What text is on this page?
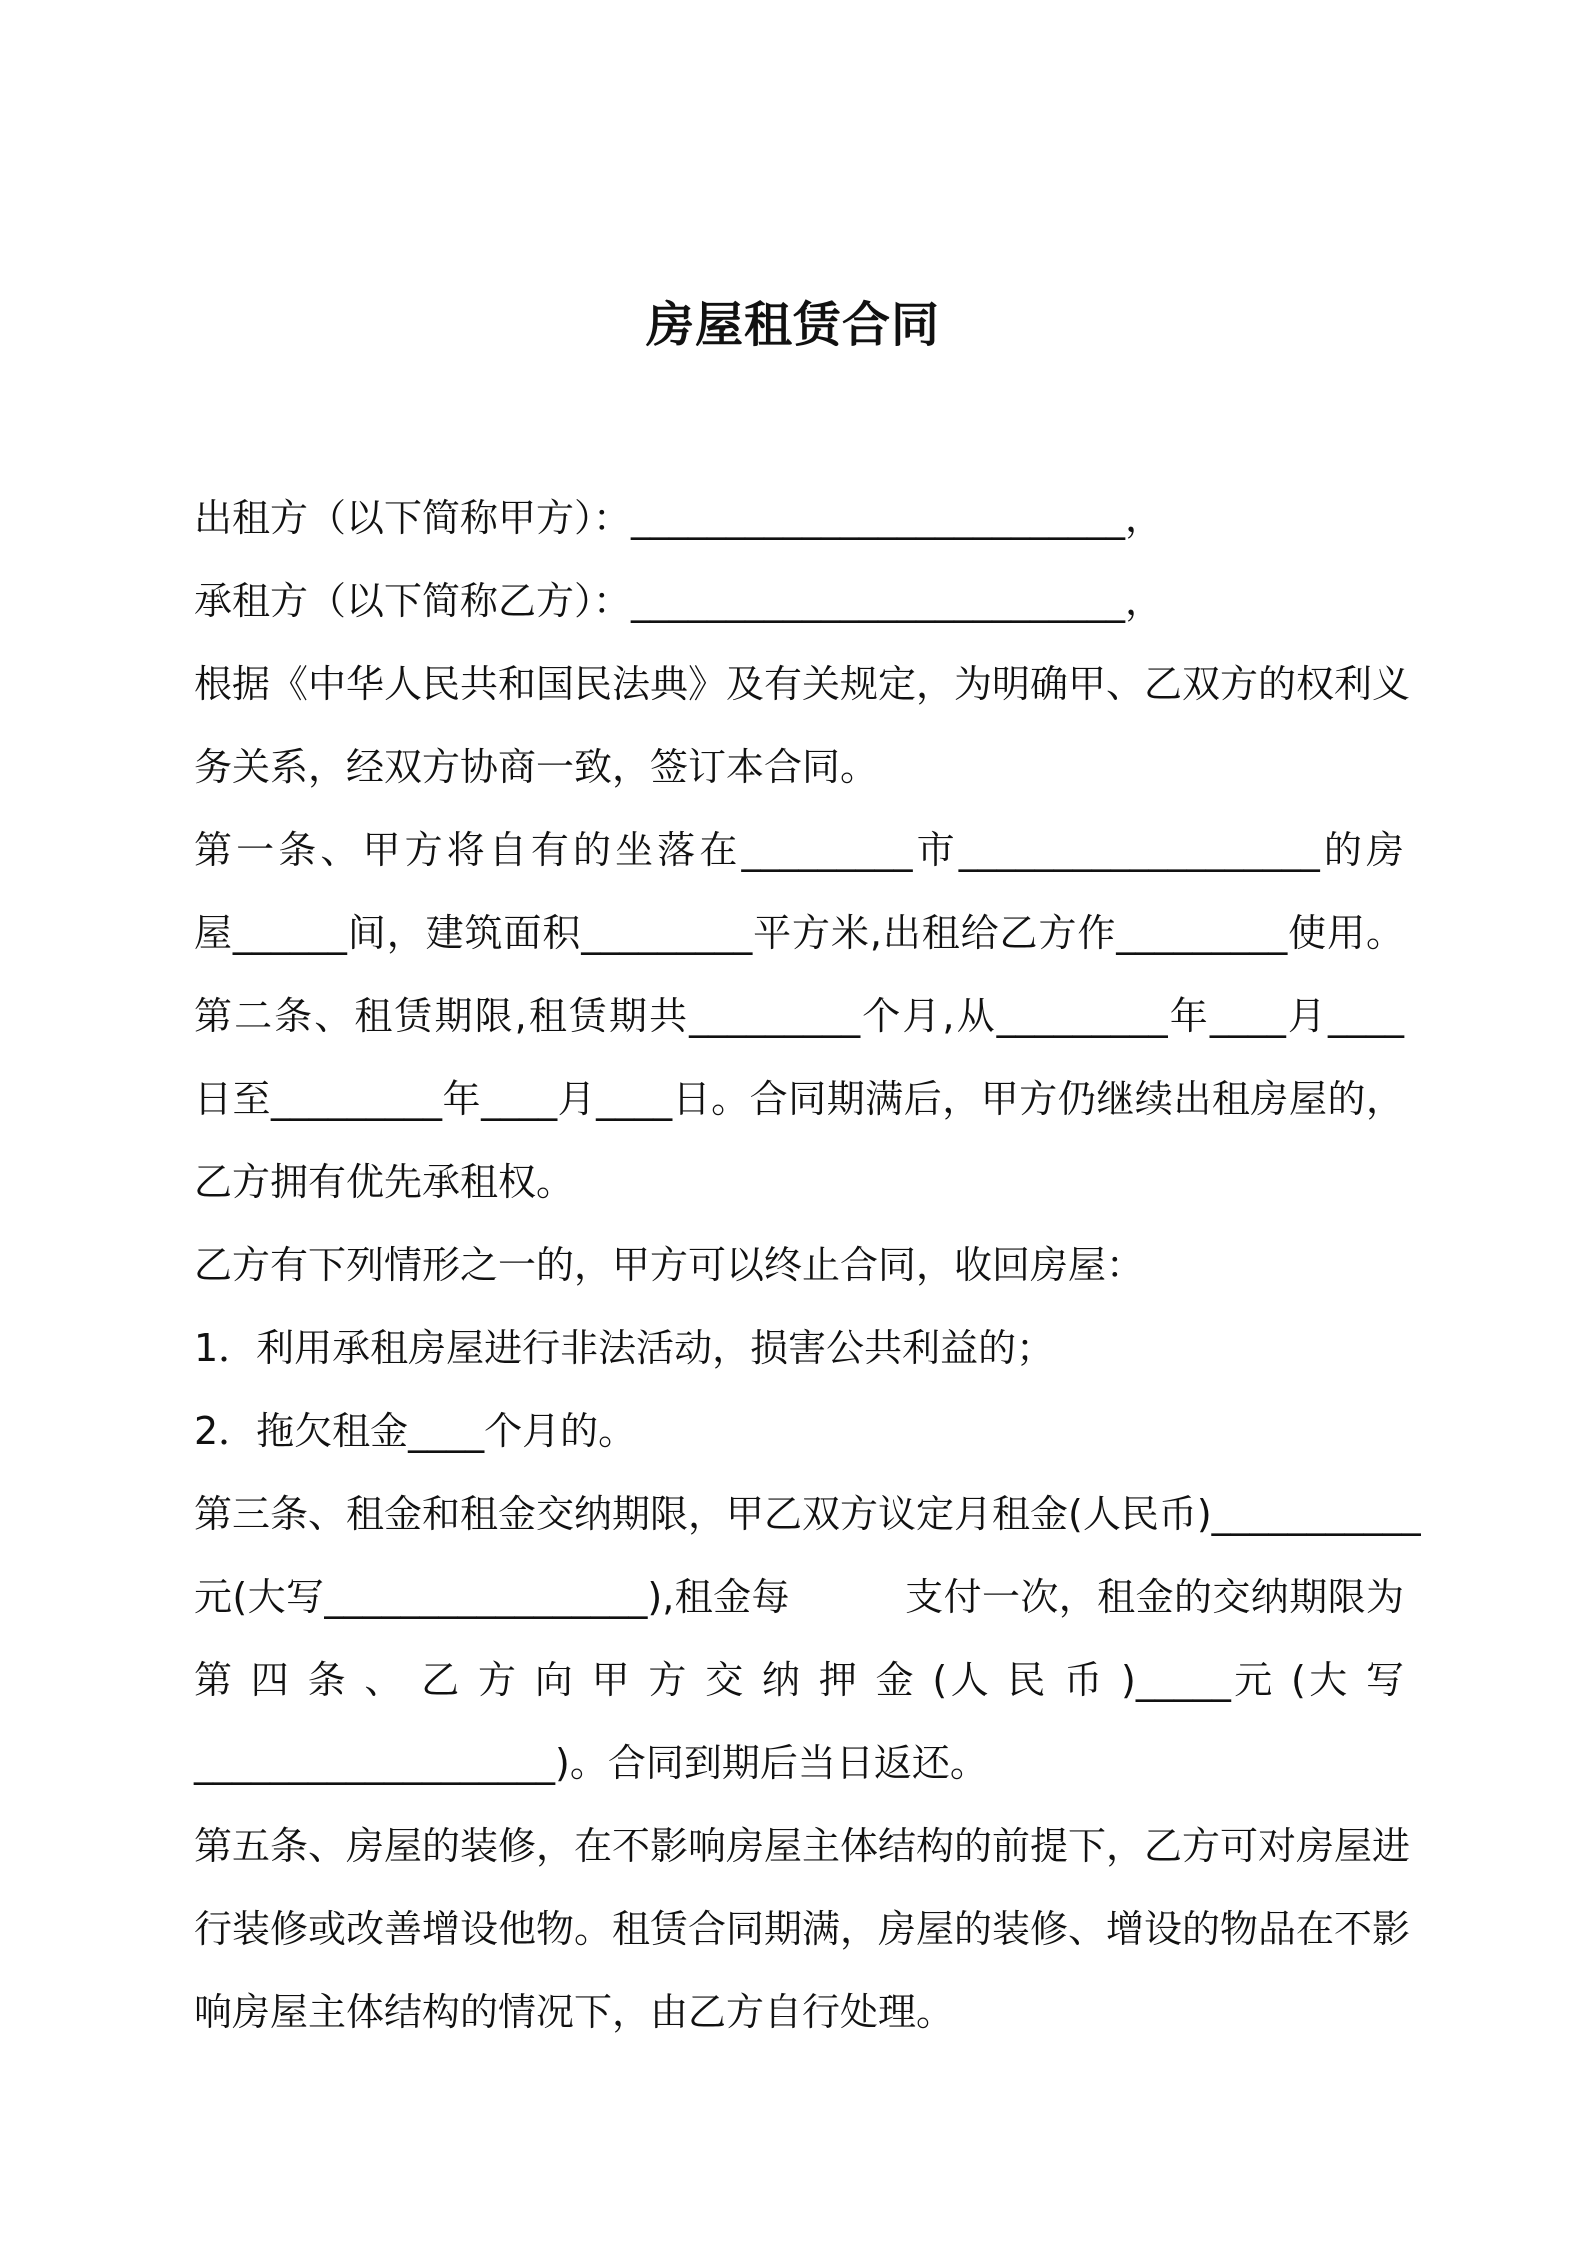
房屋租赁合同
出租方（以下简称甲方）：__________________________，
承租方（以下简称乙方）：__________________________，
根据《中华人民共和国民法典》及有关规定，为明确甲、乙双方的权利义
务关系，经双方协商一致，签订本合同。
第一条、甲方将自有的坐落在_________市___________________的房
屋______间，建筑面积_________平方米,出租给乙方作_________使用。
第二条、租赁期限,租赁期共_________个月,从_________年____月____
日至_________年____月____日。合同期满后，甲方仍继续出租房屋的，
乙方拥有优先承租权。
乙方有下列情形之一的，甲方可以终止合同，收回房屋：
1．利用承租房屋进行非法活动，损害公共利益的；
2．拖欠租金____个月的。
第三条、租金和租金交纳期限，甲乙双方议定月租金(人民币)___________
元(大写_________________),租金每　　　支付一次，租金的交纳期限为
第 四 条 、 乙 方 向 甲 方 交 纳 押 金 (人 民 币 )_____元 (大 写
___________________)。合同到期后当日返还。
第五条、房屋的装修，在不影响房屋主体结构的前提下，乙方可对房屋进
行装修或改善增设他物。租赁合同期满，房屋的装修、增设的物品在不影
响房屋主体结构的情况下，由乙方自行处理。
